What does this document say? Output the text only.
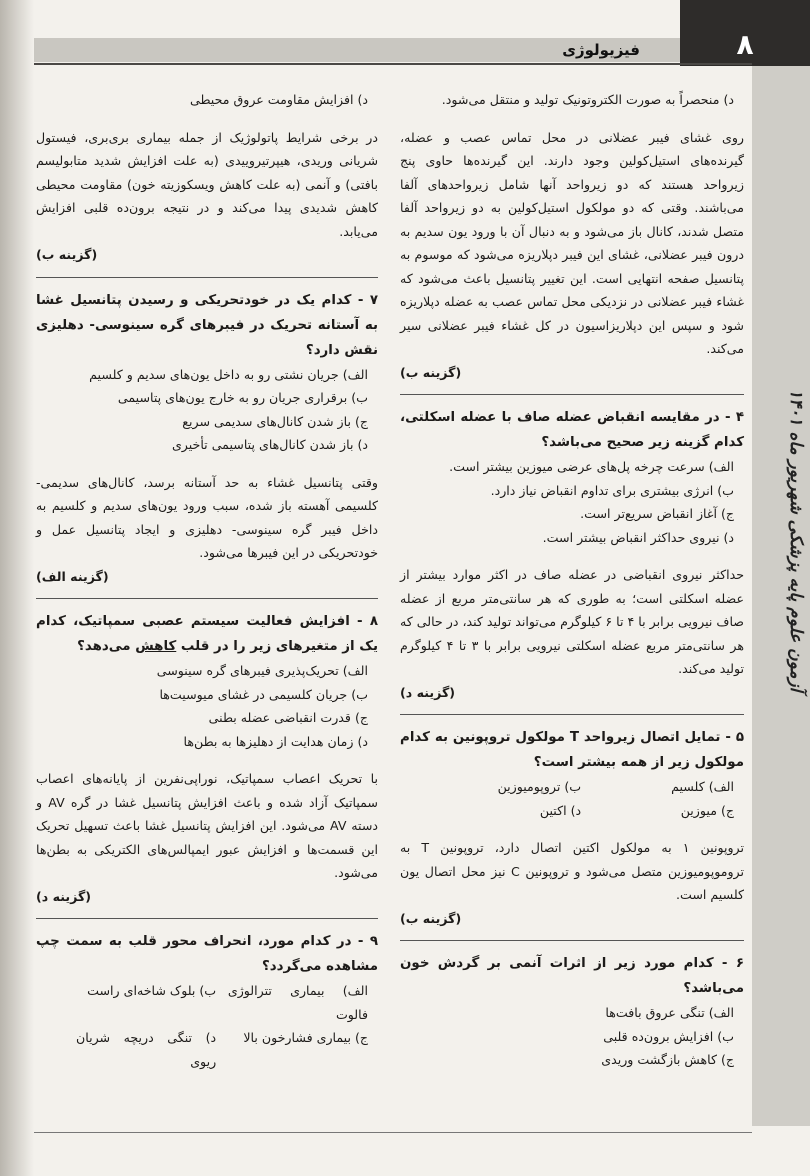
آزمون علوم پایه پزشکی شهریور ماه ۱۴۰۱
فیزیولوژی	۸

د) منحصراً به صورت الکتروتونیک تولید و منتقل می‌شود.

روی غشای فیبر عضلانی در محل تماس عصب و عضله، گیرنده‌های استیل‌کولین وجود دارند. این گیرنده‌ها حاوی پنج زیرواحد هستند که دو زیرواحد آنها شامل زیرواحدهای آلفا می‌باشند. وقتی که دو مولکول استیل‌کولین به دو زیرواحد آلفا متصل شدند، کانال باز می‌شود و به دنبال آن با ورود یون سدیم به درون فیبر عضلانی، غشای این فیبر دپلاریزه می‌شود که موسوم به پتانسیل صفحه انتهایی است. این تغییر پتانسیل باعث می‌شود که غشاء فیبر عضلانی در نزدیکی محل تماس عصب به عضله دپلاریزه شود و سپس این دپلاریزاسیون در کل غشاء فیبر عضلانی سیر می‌کند.

(گزینه ب)

۴ - در مقایسه انقباض عضله صاف با عضله اسکلتی، کدام گزینه زیر صحیح می‌باشد؟

الف) سرعت چرخه پل‌های عرضی میوزین بیشتر است.

ب) انرژی بیشتری برای تداوم انقباض نیاز دارد.

ج) آغاز انقباض سریع‌تر است.

د) نیروی حداکثر انقباض بیشتر است.

حداکثر نیروی انقباضی در عضله صاف در اکثر موارد بیشتر از عضله اسکلتی است؛ به طوری که هر سانتی‌متر مربع از عضله صاف نیرویی برابر با ۴ تا ۶ کیلوگرم می‌تواند تولید کند، در حالی که هر سانتی‌متر مربع عضله اسکلتی نیرویی برابر با ۳ تا ۴ کیلوگرم تولید می‌کند.

(گزینه د)

۵ - تمایل اتصال زیرواحد T مولکول تروپونین به کدام مولکول زیر از همه بیشتر است؟

الف) کلسیم
ب) تروپومیوزین
ج) میوزین
د) اکتین

تروپونین ۱ به مولکول اکتین اتصال دارد، تروپونین T به تروموپومیوزین متصل می‌شود و تروپونین C نیز محل اتصال یون کلسیم است.

(گزینه ب)

۶ - کدام مورد زیر از اثرات آنمی بر گردش خون می‌باشد؟

الف) تنگی عروق بافت‌ها

ب) افزایش برون‌ده قلبی

ج) کاهش بازگشت وریدی

د) افزایش مقاومت عروق محیطی

در برخی شرایط پاتولوژیک از جمله بیماری بری‌بری، فیستول شریانی وریدی، هیپرتیروییدی (به علت افزایش شدید متابولیسم بافتی) و آنمی (به علت کاهش ویسکوزیته خون) مقاومت محیطی کاهش شدیدی پیدا می‌کند و در نتیجه برون‌ده قلبی افزایش می‌یابد.

(گزینه ب)

۷ - کدام یک در خودتحریکی و رسیدن پتانسیل غشا به آستانه تحریک در فیبرهای گره سینوسی- دهلیزی نقش دارد؟

الف) جریان نشتی رو به داخل یون‌های سدیم و کلسیم

ب) برقراری جریان رو به خارج یون‌های پتاسیمی

ج) باز شدن کانال‌های سدیمی سریع

د) باز شدن کانال‌های پتاسیمی تأخیری

وقتی پتانسیل غشاء به حد آستانه برسد، کانال‌های سدیمی-کلسیمی آهسته باز شده، سبب ورود یون‌های سدیم و کلسیم به داخل فیبر گره سینوسی- دهلیزی و ایجاد پتانسیل عمل و خودتحریکی در این فیبرها می‌شود.

(گزینه الف)

۸ - افزایش فعالیت سیستم عصبی سمپاتیک، کدام یک از متغیرهای زیر را در قلب کاهش می‌دهد؟

الف) تحریک‌پذیری فیبرهای گره سینوسی

ب) جریان کلسیمی در غشای میوسیت‌ها

ج) قدرت انقباضی عضله بطنی

د) زمان هدایت از دهلیزها به بطن‌ها

با تحریک اعصاب سمپاتیک، نوراپی‌نفرین از پایانه‌های اعصاب سمپاتیک آزاد شده و باعث افزایش پتانسیل غشا در گره AV و دسته AV می‌شود. این افزایش پتانسیل غشا باعث تسهیل تحریک این قسمت‌ها و افزایش عبور ایمپالس‌های الکتریکی به بطن‌ها می‌شود.

(گزینه د)

۹ - در کدام مورد، انحراف محور قلب به سمت چپ مشاهده می‌گردد؟

الف) بیماری تترالوژی فالوت
ب) بلوک شاخه‌ای راست
ج) بیماری فشارخون بالا
د) تنگی دریچه شریان ریوی
